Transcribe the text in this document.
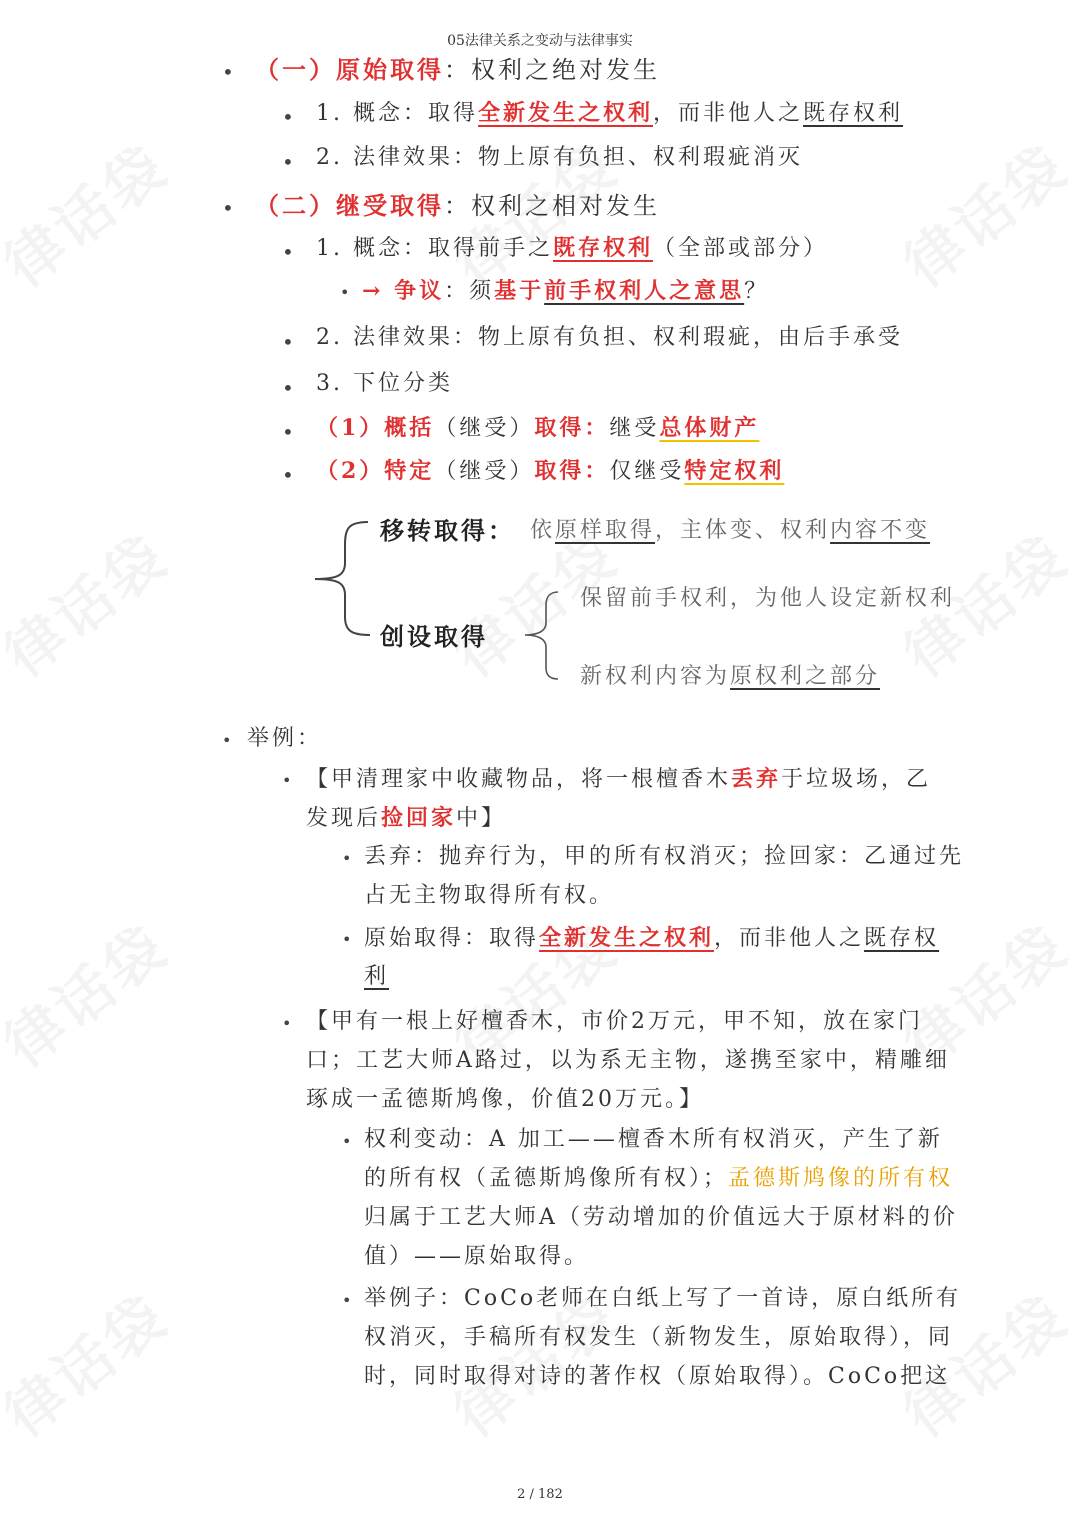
05法律关系之变动与法律事实
• （一）原始取得：权利之绝对发生
• 1. 概念：取得全新发生之权利，而非他人之既存权利
• 2. 法律效果：物上原有负担、权利瑕疵消灭
• （二）继受取得：权利之相对发生
• 1. 概念：取得前手之既存权利（全部或部分）
• → 争议：须基于前手权利人之意思？
• 2. 法律效果：物上原有负担、权利瑕疵，由后手承受
• 3. 下位分类
• （1）概括（继受）取得：继受总体财产
• （2）特定（继受）取得：仅继受特定权利
移转取得： 依原样取得，主体变、权利内容不变
创设取得
保留前手权利，为他人设定新权利
新权利内容为原权利之部分
• 举例：
• 【甲清理家中收藏物品，将一根檀香木丢弃于垃圾场，乙
发现后捡回家中】
• 丢弃：抛弃行为，甲的所有权消灭；捡回家：乙通过先
占无主物取得所有权。
• 原始取得：取得全新发生之权利，而非他人之既存权
利
• 【甲有一根上好檀香木，市价2万元，甲不知，放在家门
口；工艺大师A路过，以为系无主物，遂携至家中，精雕细
琢成一孟德斯鸠像，价值20万元。】
• 权利变动：A 加工——檀香木所有权消灭，产生了新
的所有权（孟德斯鸠像所有权）；孟德斯鸠像的所有权
归属于工艺大师A（劳动增加的价值远大于原材料的价
值）——原始取得。
• 举例子：CoCo老师在白纸上写了一首诗，原白纸所有
权消灭，手稿所有权发生（新物发生，原始取得），同
时，同时取得对诗的著作权（原始取得）。CoCo把这
2 / 182
